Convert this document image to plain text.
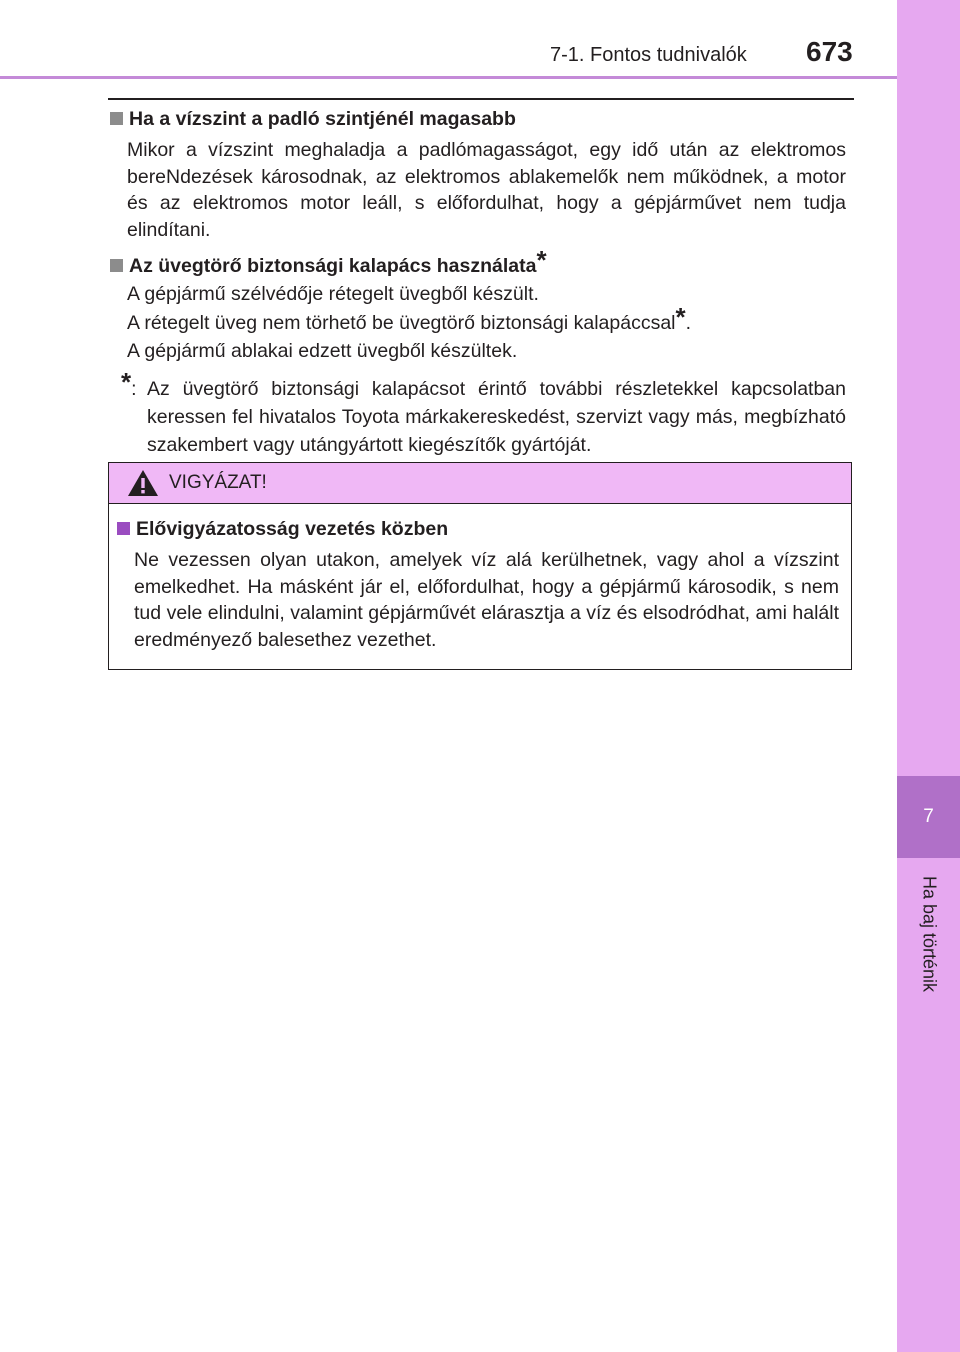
7-1. Fontos tudnivalók 673
7
Ha baj történik
Ha a vízszint a padló szintjénél magasabb

Mikor a vízszint meghaladja a padlómagasságot, egy idő után az elektromos bereNdezések károsodnak, az elektromos ablakemelők nem működnek, a motor és az elektromos motor leáll, s előfordulhat, hogy a gépjárművet nem tudja elindítani.

Az üvegtörő biztonsági kalapács használata*

A gépjármű szélvédője rétegelt üvegből készült.

A rétegelt üveg nem törhető be üvegtörő biztonsági kalapáccsal*.

A gépjármű ablakai edzett üvegből készültek.

*: Az üvegtörő biztonsági kalapácsot érintő további részletekkel kapcsolatban keressen fel hivatalos Toyota márkakereskedést, szervizt vagy más, megbízható szakembert vagy utángyártott kiegészítők gyártóját.
VIGYÁZAT!
Elővigyázatosság vezetés közben

Ne vezessen olyan utakon, amelyek víz alá kerülhetnek, vagy ahol a vízszint emelkedhet. Ha másként jár el, előfordulhat, hogy a gépjármű károsodik, s nem tud vele elindulni, valamint gépjárművét elárasztja a víz és elsodródhat, ami halált eredményező balesethez vezethet.
